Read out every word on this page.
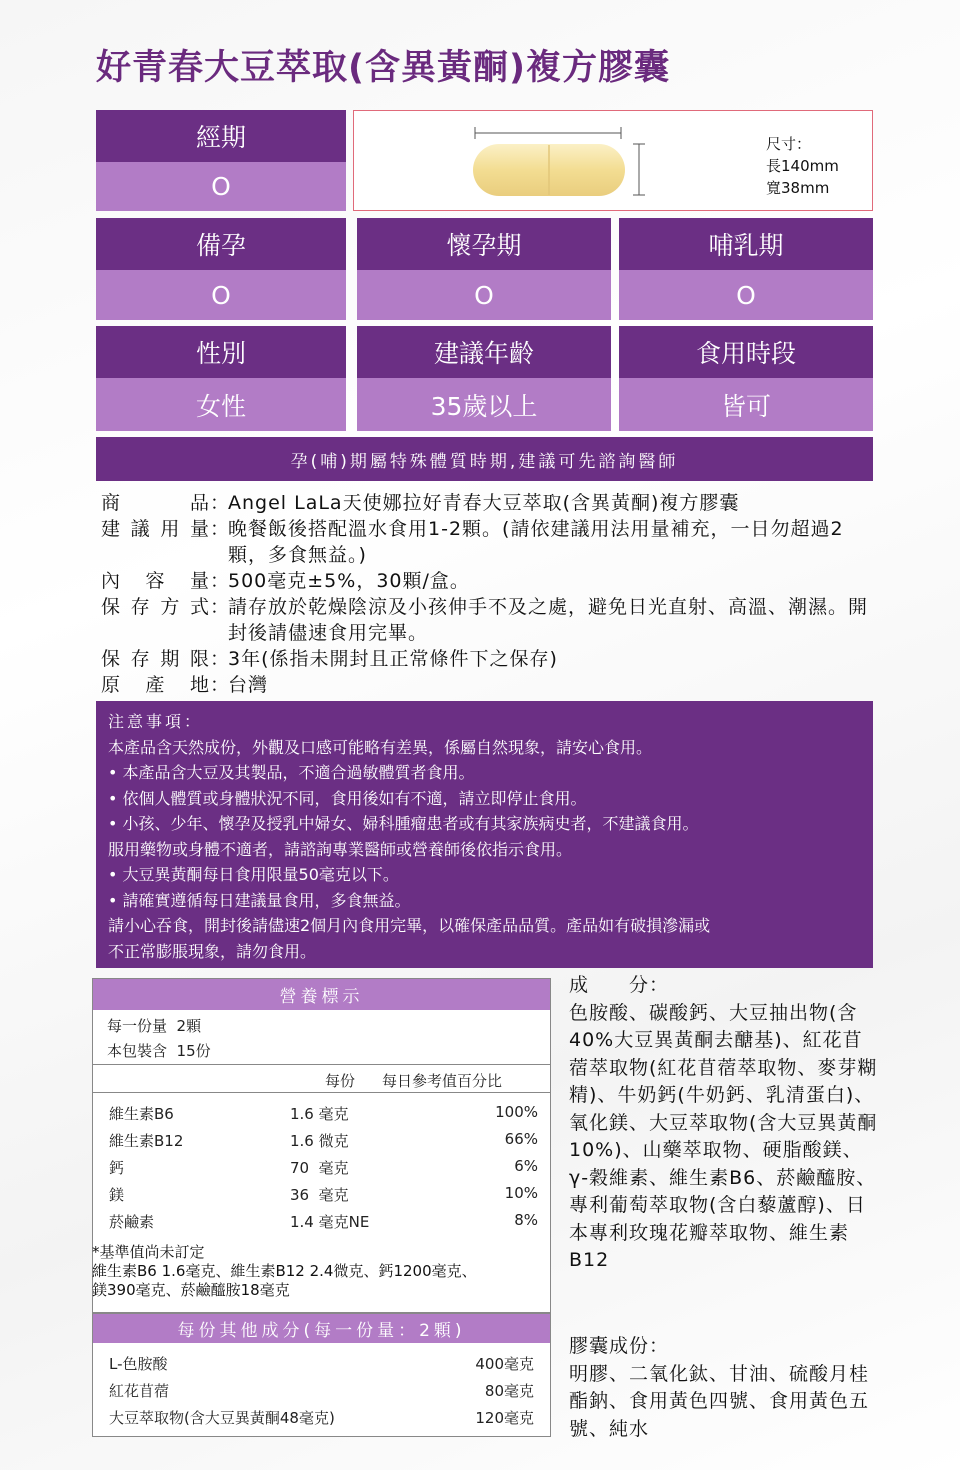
好青春大豆萃取(含異黃酮)複方膠囊
經期
O
尺寸：
長140mm
寬38mm
備孕
O
懷孕期
O
哺乳期
O
性別
女性
建議年齡
35歲以上
食用時段
皆可
孕(哺)期屬特殊體質時期,建議可先諮詢醫師
商品 ：
Angel LaLa天使娜拉好青春大豆萃取(含異黃酮)複方膠囊
建議用量 ：
晚餐飯後搭配溫水食用1-2顆。(請依建議用法用量補充，一日勿超過2顆，多食無益。)
內容量 ：
500毫克±5%，30顆/盒。
保存方式 ：
請存放於乾燥陰涼及小孩伸手不及之處，避免日光直射、高溫、潮濕。開封後請儘速食用完畢。
保存期限 ：
3年(係指未開封且正常條件下之保存)
原產地 ：
台灣
注意事項：
本產品含天然成份，外觀及口感可能略有差異，係屬自然現象，請安心食用。
• 本產品含大豆及其製品，不適合過敏體質者食用。
• 依個人體質或身體狀況不同，食用後如有不適，請立即停止食用。
• 小孩、少年、懷孕及授乳中婦女、婦科腫瘤患者或有其家族病史者，不建議食用。
服用藥物或身體不適者，請諮詢專業醫師或營養師後依指示食用。
• 大豆異黃酮每日食用限量50毫克以下。
• 請確實遵循每日建議量食用，多食無益。
請小心吞食，開封後請儘速2個月內食用完畢，以確保產品品質。產品如有破損滲漏或
不正常膨脹現象，請勿食用。
營養標示
每一份量  2顆
本包裝含  15份
每份 每日參考值百分比
維生素B6	1.6 毫克	100%
維生素B12	1.6 微克	66%
鈣	70  毫克	6%
鎂	36  毫克	10%
菸鹼素	1.4 毫克NE	8%
*基準值尚未訂定
維生素B6 1.6毫克、維生素B12 2.4微克、鈣1200毫克、
鎂390毫克、菸鹼醯胺18毫克
每份其他成分(每一份量：2顆)
L-色胺酸	400毫克
紅花苜蓿	80毫克
大豆萃取物(含大豆異黃酮48毫克)	120毫克
成　　分：
色胺酸、碳酸鈣、大豆抽出物(含40%大豆異黃酮去醣基)、紅花苜蓿萃取物(紅花苜蓿萃取物、麥芽糊精)、牛奶鈣(牛奶鈣、乳清蛋白)、氧化鎂、大豆萃取物(含大豆異黃酮10%)、山藥萃取物、硬脂酸鎂、γ-穀維素、維生素B6、菸鹼醯胺、專利葡萄萃取物(含白藜蘆醇)、日本專利玫瑰花瓣萃取物、維生素B12
膠囊成份：
明膠、二氧化鈦、甘油、硫酸月桂酯鈉、食用黃色四號、食用黃色五號、純水
